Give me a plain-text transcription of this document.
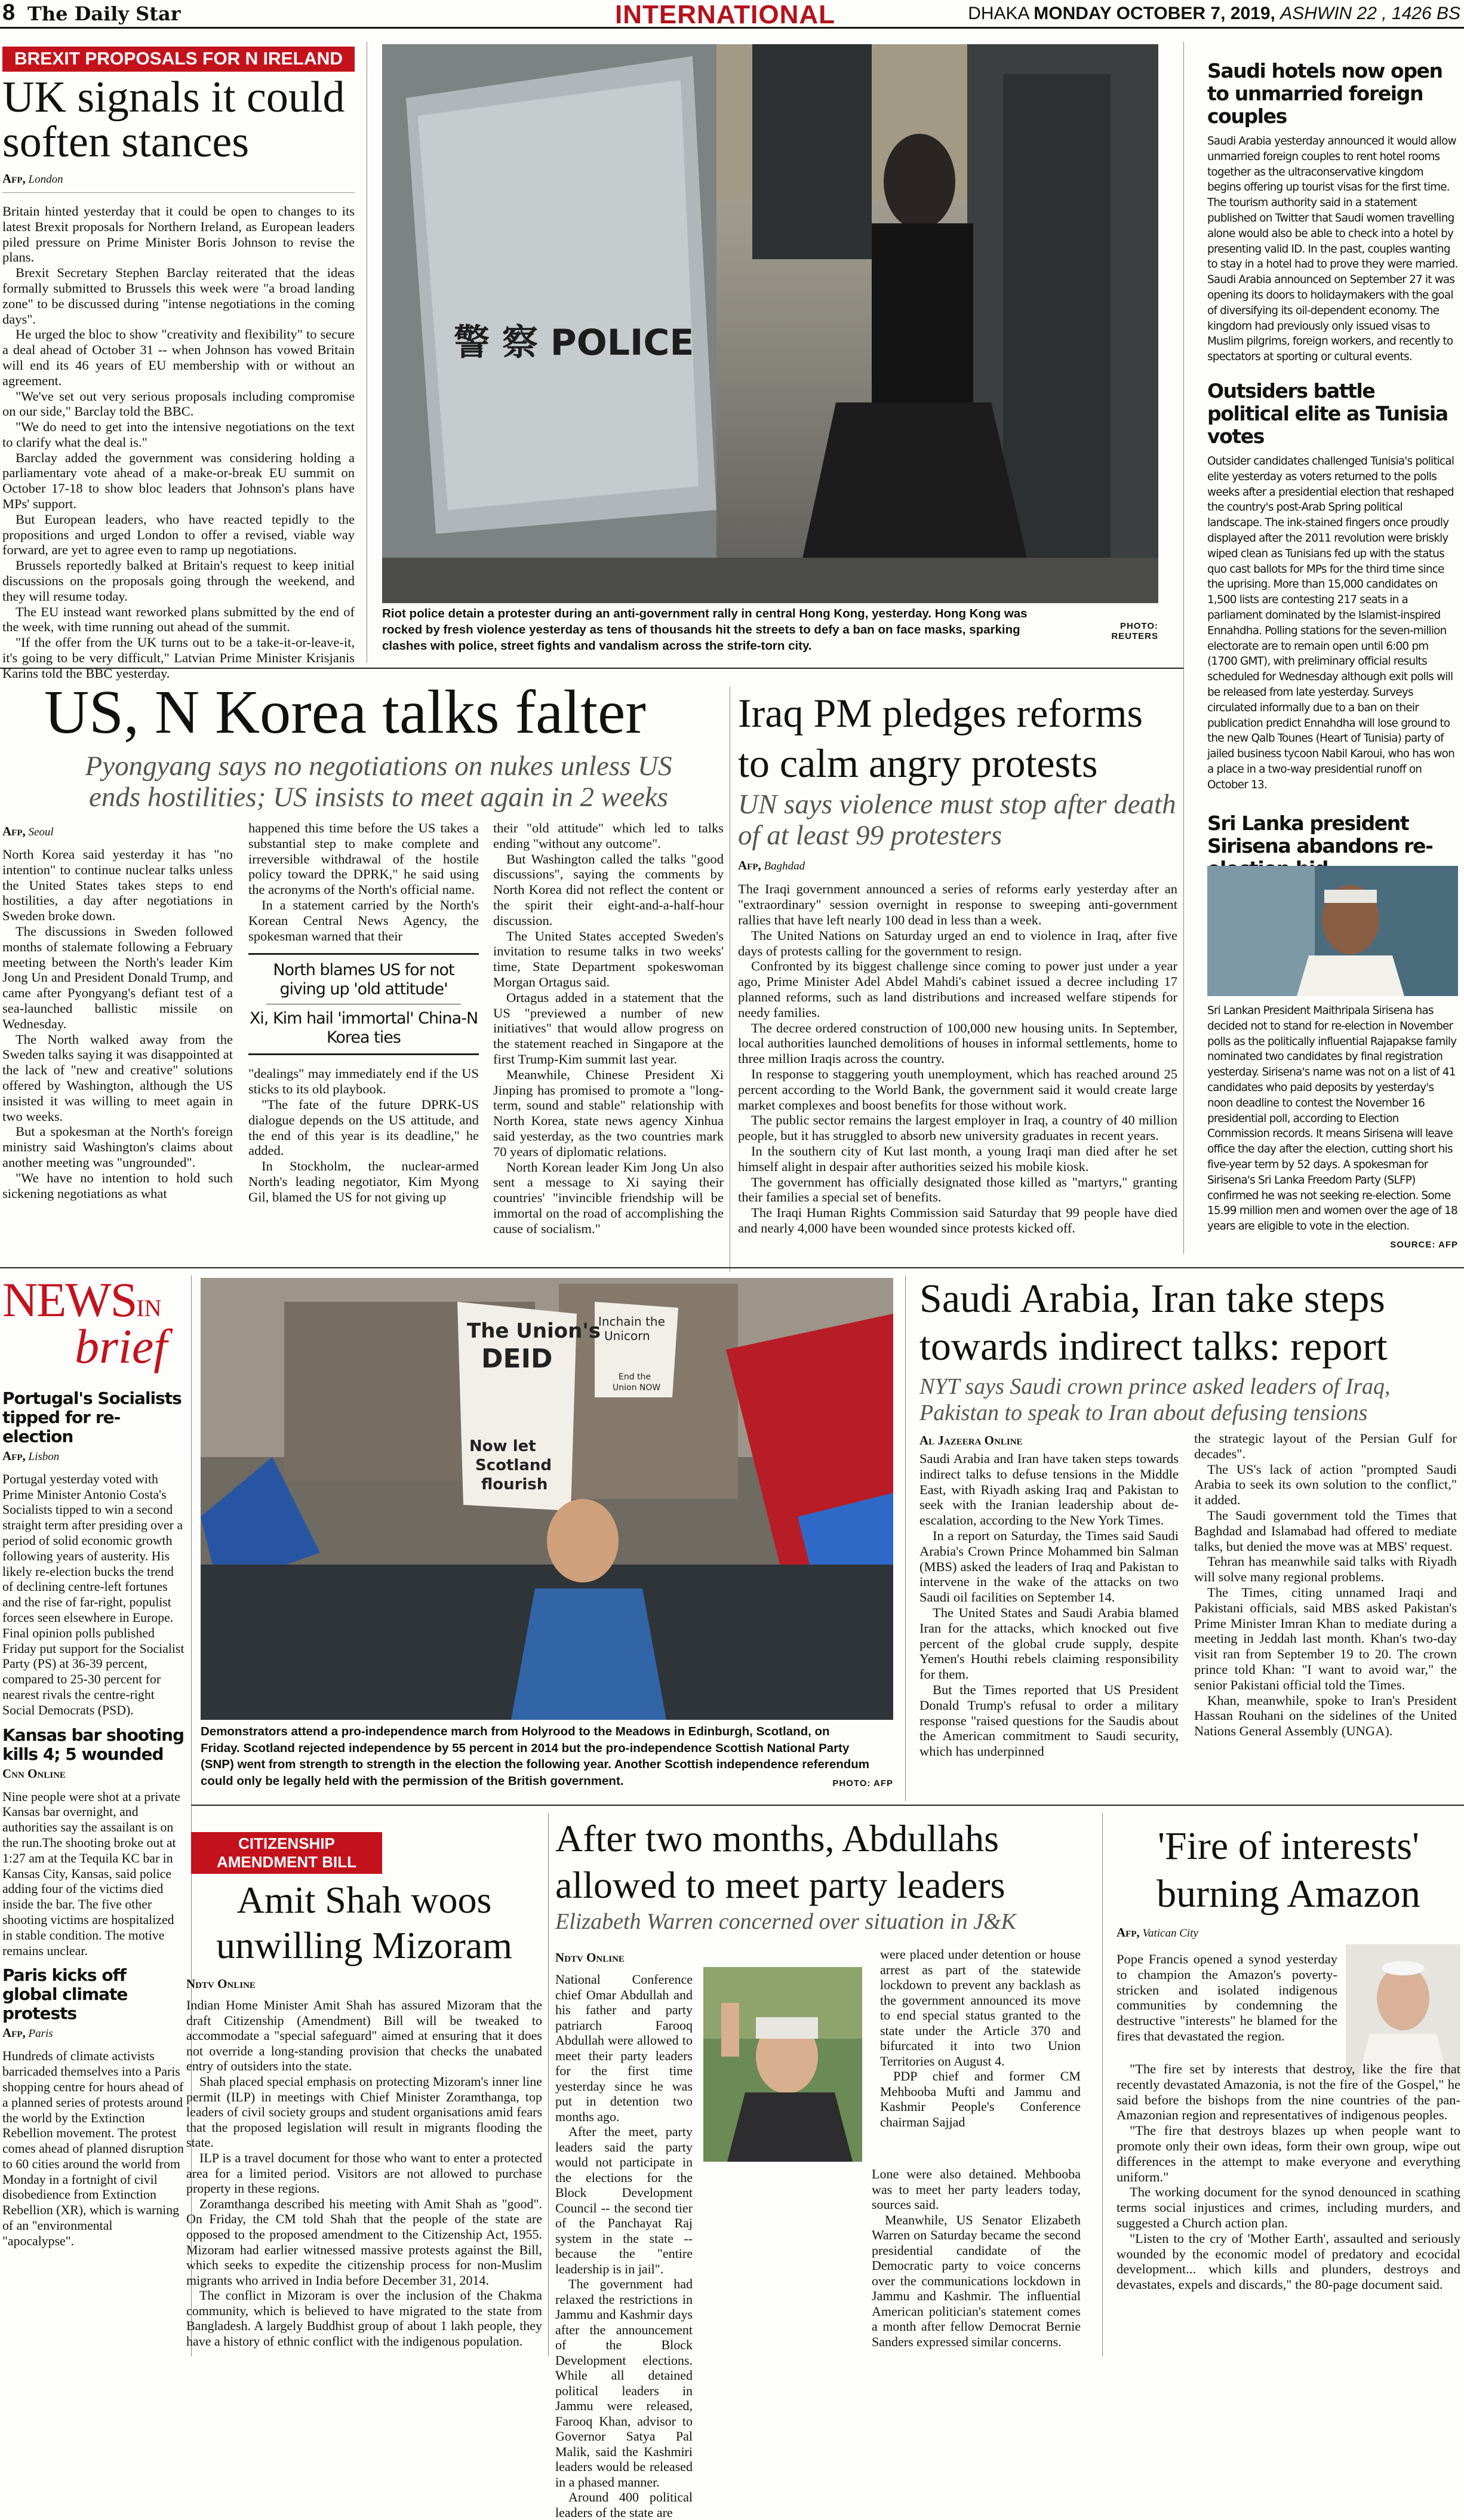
8 The Daily Star	INTERNATIONAL	DHAKA MONDAY OCTOBER 7, 2019, ASHWIN 22 , 1426 BS
BREXIT PROPOSALS FOR N IRELAND
UK signals it could soften stances
Afp, London

Britain hinted yesterday that it could be open to changes to its latest Brexit proposals for Northern Ireland, as European leaders piled pressure on Prime Minister Boris Johnson to revise the plans.

Brexit Secretary Stephen Barclay reiterated that the ideas formally submitted to Brussels this week were "a broad landing zone" to be discussed during "intense negotiations in the coming days".

He urged the bloc to show "creativity and flexibility" to secure a deal ahead of October 31 -- when Johnson has vowed Britain will end its 46 years of EU membership with or without an agreement.

"We've set out very serious proposals including compromise on our side," Barclay told the BBC.

"We do need to get into the intensive negotiations on the text to clarify what the deal is."

Barclay added the government was considering holding a parliamentary vote ahead of a make-or-break EU summit on October 17-18 to show bloc leaders that Johnson's plans have MPs' support.

But European leaders, who have reacted tepidly to the propositions and urged London to offer a revised, viable way forward, are yet to agree even to ramp up negotiations.

Brussels reportedly balked at Britain's request to keep initial discussions on the proposals going through the weekend, and they will resume today.

The EU instead want reworked plans submitted by the end of the week, with time running out ahead of the summit.

"If the offer from the UK turns out to be a take-it-or-leave-it, it's going to be very difficult," Latvian Prime Minister Krisjanis Karins told the BBC yesterday.

警 察 POLICE
Riot police detain a protester during an anti-government rally in central Hong Kong, yesterday. Hong Kong was rocked by fresh violence yesterday as tens of thousands hit the streets to defy a ban on face masks, sparking clashes with police, street fights and vandalism across the strife-torn city.
PHOTO:
REUTERS
Saudi hotels now open to unmarried foreign couples
Saudi Arabia yesterday announced it would allow unmarried foreign couples to rent hotel rooms together as the ultraconservative kingdom begins offering up tourist visas for the first time. The tourism authority said in a statement published on Twitter that Saudi women travelling alone would also be able to check into a hotel by presenting valid ID. In the past, couples wanting to stay in a hotel had to prove they were married. Saudi Arabia announced on September 27 it was opening its doors to holidaymakers with the goal of diversifying its oil-dependent economy. The kingdom had previously only issued visas to Muslim pilgrims, foreign workers, and recently to spectators at sporting or cultural events.
Outsiders battle political elite as Tunisia votes
Outsider candidates challenged Tunisia's political elite yesterday as voters returned to the polls weeks after a presidential election that reshaped the country's post-Arab Spring political landscape. The ink-stained fingers once proudly displayed after the 2011 revolution were briskly wiped clean as Tunisians fed up with the status quo cast ballots for MPs for the third time since the uprising. More than 15,000 candidates on 1,500 lists are contesting 217 seats in a parliament dominated by the Islamist-inspired Ennahdha. Polling stations for the seven-million electorate are to remain open until 6:00 pm (1700 GMT), with preliminary official results scheduled for Wednesday although exit polls will be released from late yesterday. Surveys circulated informally due to a ban on their publication predict Ennahdha will lose ground to the new Qalb Tounes (Heart of Tunisia) party of jailed business tycoon Nabil Karoui, who has won a place in a two-way presidential runoff on October 13.
Sri Lanka president Sirisena abandons re-
Sri Lankan President Maithripala Sirisena has decided not to stand for re-election in November polls as the politically influential Rajapakse family nominated two candidates by final registration yesterday. Sirisena's name was not on a list of 41 candidates who paid deposits by yesterday's noon deadline to contest the November 16 presidential poll, according to Election Commission records. It means Sirisena will leave office the day after the election, cutting short his five-year term by 52 days. A spokesman for Sirisena's Sri Lanka Freedom Party (SLFP) confirmed he was not seeking re-election. Some 15.99 million men and women over the age of 18 years are eligible to vote in the election.
SOURCE: AFP
US, N Korea talks falter
Pyongyang says no negotiations on nukes unless US ends hostilities; US insists to meet again in 2 weeks
Afp, Seoul

North Korea said yesterday it has "no intention" to continue nuclear talks unless the United States takes steps to end hostilities, a day after negotiations in Sweden broke down.

The discussions in Sweden followed months of stalemate following a February meeting between the North's leader Kim Jong Un and President Donald Trump, and came after Pyongyang's defiant test of a sea-launched ballistic missile on Wednesday.

The North walked away from the Sweden talks saying it was disappointed at the lack of "new and creative" solutions offered by Washington, although the US insisted it was willing to meet again in two weeks.

But a spokesman at the North's foreign ministry said Washington's claims about another meeting was "ungrounded".

"We have no intention to hold such sickening negotiations as what

happened this time before the US takes a substantial step to make complete and irreversible withdrawal of the hostile policy toward the DPRK," he said using the acronyms of the North's official name.

In a statement carried by the North's Korean Central News Agency, the spokesman warned that their

North blames US for not giving up 'old attitude'
Xi, Kim hail 'immortal' China-N Korea ties

"dealings" may immediately end if the US sticks to its old playbook.

"The fate of the future DPRK-US dialogue depends on the US attitude, and the end of this year is its deadline," he added.

In Stockholm, the nuclear-armed North's leading negotiator, Kim Myong Gil, blamed the US for not giving up

their "old attitude" which led to talks ending "without any outcome".

But Washington called the talks "good discussions", saying the comments by North Korea did not reflect the content or the spirit their eight-and-a-half-hour discussion.

The United States accepted Sweden's invitation to resume talks in two weeks' time, State Department spokeswoman Morgan Ortagus said.

Ortagus added in a statement that the US "previewed a number of new initiatives" that would allow progress on the statement reached in Singapore at the first Trump-Kim summit last year.

Meanwhile, Chinese President Xi Jinping has promised to promote a "long-term, sound and stable" relationship with North Korea, state news agency Xinhua said yesterday, as the two countries mark 70 years of diplomatic relations.

North Korean leader Kim Jong Un also sent a message to Xi saying their countries' "invincible friendship will be immortal on the road of accomplishing the cause of socialism."

Iraq PM pledges reforms to calm angry protests
UN says violence must stop after death of at least 99 protesters
Afp, Baghdad

The Iraqi government announced a series of reforms early yesterday after an "extraordinary" session overnight in response to sweeping anti-government rallies that have left nearly 100 dead in less than a week.

The United Nations on Saturday urged an end to violence in Iraq, after five days of protests calling for the government to resign.

Confronted by its biggest challenge since coming to power just under a year ago, Prime Minister Adel Abdel Mahdi's cabinet issued a decree including 17 planned reforms, such as land distributions and increased welfare stipends for needy families.

The decree ordered construction of 100,000 new housing units. In September, local authorities launched demolitions of houses in informal settlements, home to three million Iraqis across the country.

In response to staggering youth unemployment, which has reached around 25 percent according to the World Bank, the government said it would create large market complexes and boost benefits for those without work.

The public sector remains the largest employer in Iraq, a country of 40 million people, but it has struggled to absorb new university graduates in recent years.

In the southern city of Kut last month, a young Iraqi man died after he set himself alight in despair after authorities seized his mobile kiosk.

The government has officially designated those killed as "martyrs," granting their families a special set of benefits.

The Iraqi Human Rights Commission said Saturday that 99 people have died and nearly 4,000 have been wounded since protests kicked off.

NEWSIN
brief
Portugal's Socialists tipped for re-election
Afp, Lisbon
Portugal yesterday voted with Prime Minister Antonio Costa's Socialists tipped to win a second straight term after presiding over a period of solid economic growth following years of austerity. His likely re-election bucks the trend of declining centre-left fortunes and the rise of far-right, populist forces seen elsewhere in Europe. Final opinion polls published Friday put support for the Socialist Party (PS) at 36-39 percent, compared to 25-30 percent for nearest rivals the centre-right Social Democrats (PSD).
Kansas bar shooting kills 4; 5 wounded
Cnn Online
Nine people were shot at a private Kansas bar overnight, and authorities say the assailant is on the run.The shooting broke out at 1:27 am at the Tequila KC bar in Kansas City, Kansas, said police adding four of the victims died inside the bar. The five other shooting victims are hospitalized in stable condition. The motive remains unclear.
Paris kicks off global climate protests
Afp, Paris
Hundreds of climate activists barricaded themselves into a Paris shopping centre for hours ahead of a planned series of protests around the world by the Extinction Rebellion movement. The protest comes ahead of planned disruption to 60 cities around the world from Monday in a fortnight of civil disobedience from Extinction Rebellion (XR), which is warning of an "environmental "apocalypse".
The Union's
DEID
Now let
Scotland
flourish
Inchain the
Unicorn
End the
Union NOW
Demonstrators attend a pro-independence march from Holyrood to the Meadows in Edinburgh, Scotland, on Friday. Scotland rejected independence by 55 percent in 2014 but the pro-independence Scottish National Party (SNP) went from strength to strength in the election the following year. Another Scottish independence referendum could only be legally held with the permission of the British government.	PHOTO: AFP
Saudi Arabia, Iran take steps towards indirect talks: report
NYT says Saudi crown prince asked leaders of Iraq, Pakistan to speak to Iran about defusing tensions
Al Jazeera Online

Saudi Arabia and Iran have taken steps towards indirect talks to defuse tensions in the Middle East, with Riyadh asking Iraq and Pakistan to seek with the Iranian leadership about de-escalation, according to the New York Times.

In a report on Saturday, the Times said Saudi Arabia's Crown Prince Mohammed bin Salman (MBS) asked the leaders of Iraq and Pakistan to intervene in the wake of the attacks on two Saudi oil facilities on September 14.

The United States and Saudi Arabia blamed Iran for the attacks, which knocked out five percent of the global crude supply, despite Yemen's Houthi rebels claiming responsibility for them.

But the Times reported that US President Donald Trump's refusal to order a military response "raised questions for the Saudis about the American commitment to Saudi security, which has underpinned

the strategic layout of the Persian Gulf for decades".

The US's lack of action "prompted Saudi Arabia to seek its own solution to the conflict," it added.

The Saudi government told the Times that Baghdad and Islamabad had offered to mediate talks, but denied the move was at MBS' request.

Tehran has meanwhile said talks with Riyadh will solve many regional problems.

The Times, citing unnamed Iraqi and Pakistani officials, said MBS asked Pakistan's Prime Minister Imran Khan to mediate during a meeting in Jeddah last month. Khan's two-day visit ran from September 19 to 20. The crown prince told Khan: "I want to avoid war," the senior Pakistani official told the Times.

Khan, meanwhile, spoke to Iran's President Hassan Rouhani on the sidelines of the United Nations General Assembly (UNGA).

CITIZENSHIP AMENDMENT BILL
Amit Shah woos unwilling Mizoram
Ndtv Online

Indian Home Minister Amit Shah has assured Mizoram that the draft Citizenship (Amendment) Bill will be tweaked to accommodate a "special safeguard" aimed at ensuring that it does not override a long-standing provision that checks the unabated entry of outsiders into the state.

Shah placed special emphasis on protecting Mizoram's inner line permit (ILP) in meetings with Chief Minister Zoramthanga, top leaders of civil society groups and student organisations amid fears that the proposed legislation will result in migrants flooding the state.

ILP is a travel document for those who want to enter a protected area for a limited period. Visitors are not allowed to purchase property in these regions.

Zoramthanga described his meeting with Amit Shah as "good". On Friday, the CM told Shah that the people of the state are opposed to the proposed amendment to the Citizenship Act, 1955. Mizoram had earlier witnessed massive protests against the Bill, which seeks to expedite the citizenship process for non-Muslim migrants who arrived in India before December 31, 2014.

The conflict in Mizoram is over the inclusion of the Chakma community, which is believed to have migrated to the state from Bangladesh. A largely Buddhist group of about 1 lakh people, they have a history of ethnic conflict with the indigenous population.

After two months, Abdullahs allowed to meet party leaders
Elizabeth Warren concerned over situation in J&K
Ndtv Online

National Conference chief Omar Abdullah and his father and party patriarch Farooq Abdullah were allowed to meet their party leaders for the first time yesterday since he was put in detention two months ago.

After the meet, party leaders said the party would not participate in the elections for the Block Development Council -- the second tier of the Panchayat Raj system in the state -- because the "entire leadership is in jail".

The government had relaxed the restrictions in Jammu and Kashmir days after the announcement of the Block Development elections. While all detained political leaders in Jammu were released, Farooq Khan, advisor to Governor Satya Pal Malik, said the Kashmiri leaders would be released in a phased manner.

Around 400 political leaders of the state are

were placed under detention or house arrest as part of the statewide lockdown to prevent any backlash as the government announced its move to end special status granted to the state under the Article 370 and bifurcated it into two Union Territories on August 4.

PDP chief and former CM Mehbooba Mufti and Jammu and Kashmir People's Conference chairman Sajjad

Lone were also detained. Mehbooba was to meet her party leaders today, sources said.

Meanwhile, US Senator Elizabeth Warren on Saturday became the second presidential candidate of the Democratic party to voice concerns over the communications lockdown in Jammu and Kashmir. The influential American politician's statement comes a month after fellow Democrat Bernie Sanders expressed similar concerns.

'Fire of interests' burning Amazon
Afp, Vatican City

Pope Francis opened a synod yesterday to champion the Amazon's poverty-stricken and isolated indigenous communities by condemning the destructive "interests" he blamed for the fires that devastated the region.

"The fire set by interests that destroy, like the fire that recently devastated Amazonia, is not the fire of the Gospel," he said before the bishops from the nine countries of the pan-Amazonian region and representatives of indigenous peoples.

"The fire that destroys blazes up when people want to promote only their own ideas, form their own group, wipe out differences in the attempt to make everyone and everything uniform."

The working document for the synod denounced in scathing terms social injustices and crimes, including murders, and suggested a Church action plan.

"Listen to the cry of 'Mother Earth', assaulted and seriously wounded by the economic model of predatory and ecocidal development... which kills and plunders, destroys and devastates, expels and discards," the 80-page document said.
